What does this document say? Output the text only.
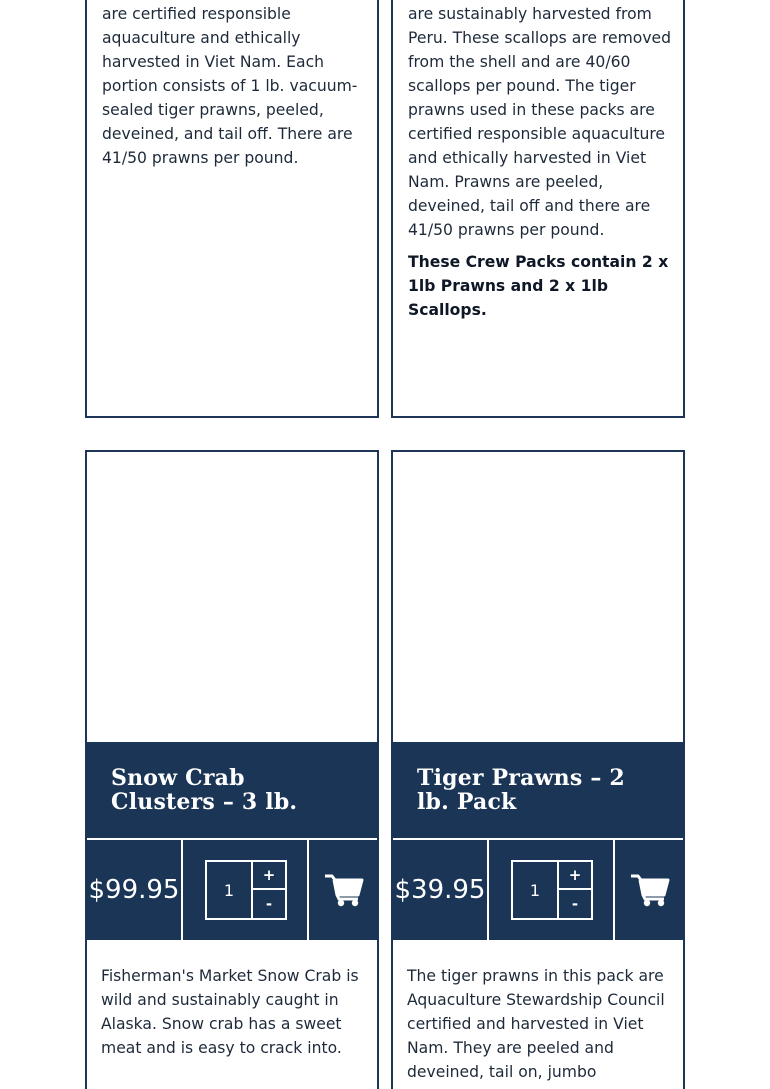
are certified responsible aquaculture and ethically harvested in Viet Nam. Each portion consists of 1 lb. vacuum-sealed tiger prawns, peeled, deveined, and tail off. There are 41/50 prawns per pound.

are sustainably harvested from Peru. These scallops are removed from the shell and are 40/60 scallops per pound. The tiger prawns used in these packs are certified responsible aquaculture and ethically harvested in Viet Nam. Prawns are peeled, deveined, tail off and there are 41/50 prawns per pound.

These Crew Packs contain 2 x 1lb Prawns and 2 x 1lb Scallops.
Snow Crab Clusters – 3 lb.
$99.95
1	+
-

Fisherman's Market Snow Crab is wild and sustainably caught in Alaska. Snow crab has a sweet meat and is easy to crack into.

Tiger Prawns – 2 lb. Pack
$39.95
1	+
-

The tiger prawns in this pack are Aquaculture Stewardship Council certified and harvested in Viet Nam. They are peeled and deveined, tail on, jumbo
